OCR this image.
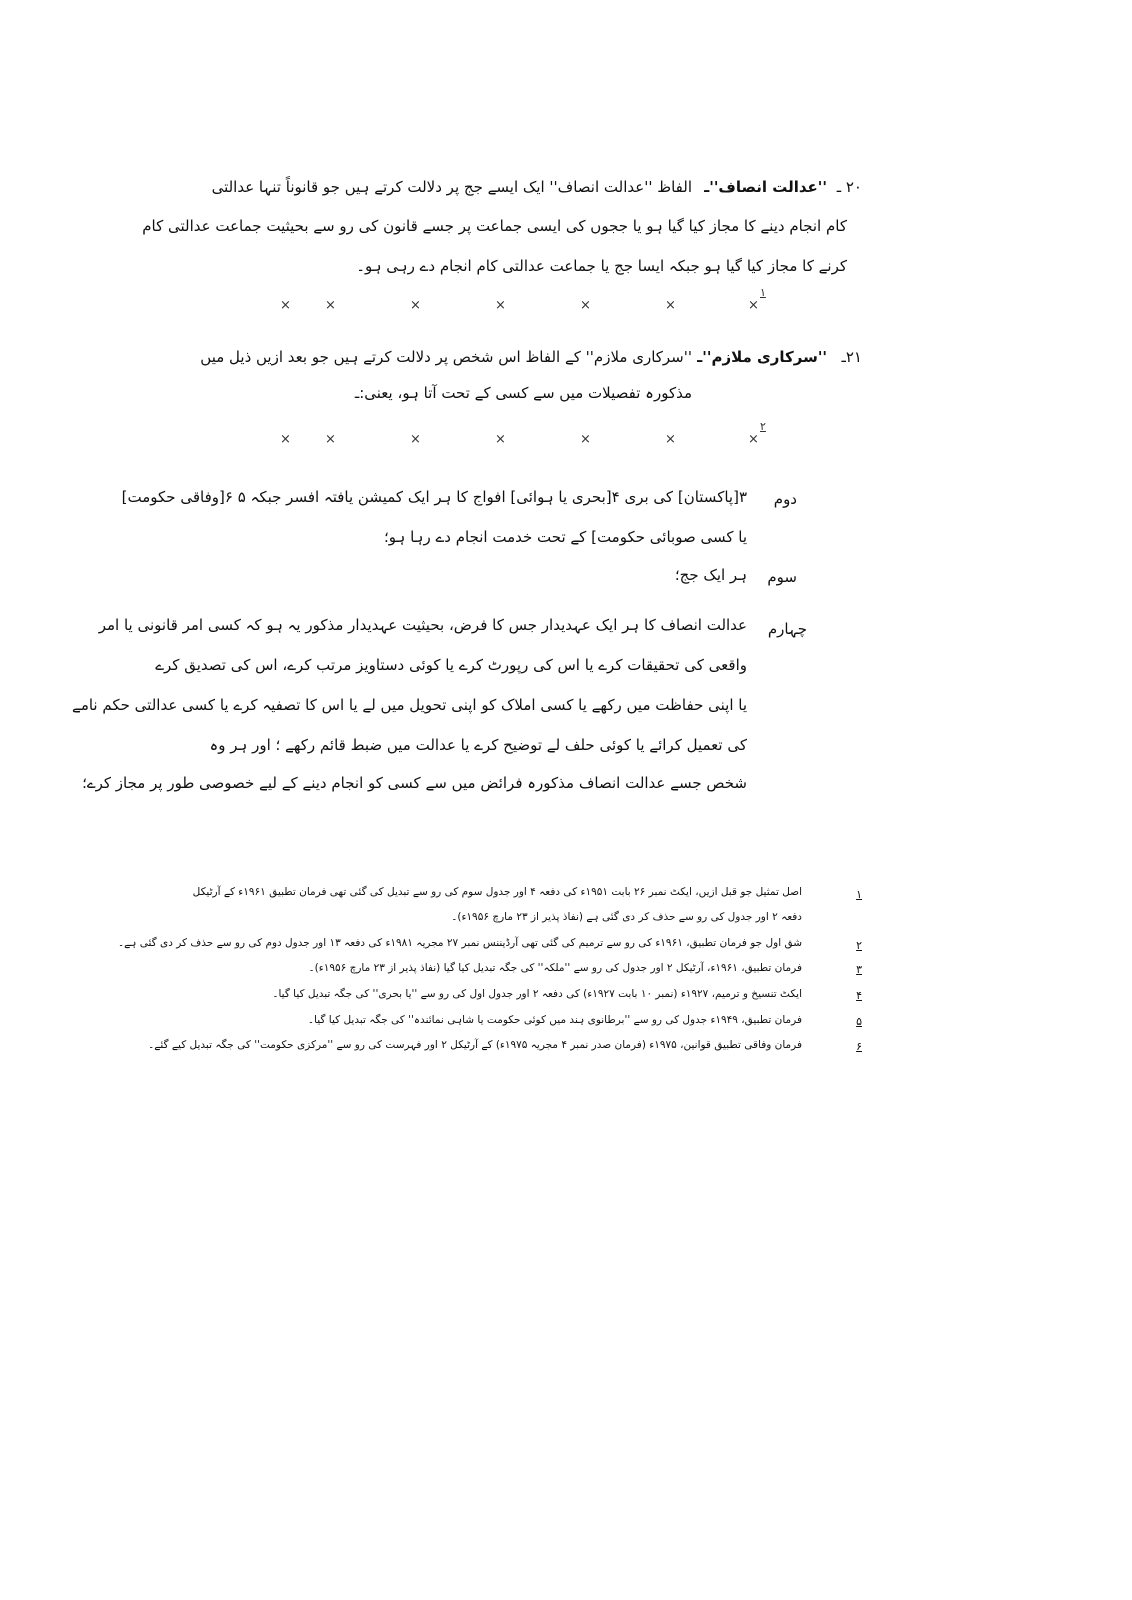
۲۰ ـ
''عدالت انصاف''ـ
الفاظ ''عدالت انصاف'' ایک ایسے جج پر دلالت کرتے ہیں جو قانوناً تنہا عدالتی
کام انجام دینے کا مجاز کیا گیا ہو یا ججوں کی ایسی جماعت پر جسے قانون کی رو سے بحیثیت جماعت عدالتی کام
کرنے کا مجاز کیا گیا ہو جبکہ ایسا جج یا جماعت عدالتی کام انجام دے رہی ہو۔
×	×	×	×	×	×	×
۱
۲۱ـ
''سرکاری ملازم''ـ
''سرکاری ملازم'' کے الفاظ اس شخص پر دلالت کرتے ہیں جو بعد ازیں ذیل میں
مذکورہ تفصیلات میں سے کسی کے تحت آتا ہو، یعنی:ـ
×	×	×	×	×	×	×
۲
دوم
۳[پاکستان] کی بری ۴[بحری یا ہوائی] افواج کا ہر ایک کمیشن یافتہ افسر جبکہ ۵ ۶[وفاقی حکومت]
یا کسی صوبائی حکومت] کے تحت خدمت انجام دے رہا ہو؛
سوم
ہر ایک جج؛
چہارم
عدالت انصاف کا ہر ایک عہدیدار جس کا فرض، بحیثیت عہدیدار مذکور یہ ہو کہ کسی امر قانونی یا امر
واقعی کی تحقیقات کرے یا اس کی رپورٹ کرے یا کوئی دستاویز مرتب کرے، اس کی تصدیق کرے
یا اپنی حفاظت میں رکھے یا کسی املاک کو اپنی تحویل میں لے یا اس کا تصفیہ کرے یا کسی عدالتی حکم نامے
کی تعمیل کرائے یا کوئی حلف لے توضیح کرے یا عدالت میں ضبط قائم رکھے ؛ اور ہر وہ
شخص جسے عدالت انصاف مذکورہ فرائض میں سے کسی کو انجام دینے کے لیے خصوصی طور پر مجاز کرے؛
۱
اصل تمثیل جو قبل ازیں، ایکٹ نمبر ۲۶ بابت ۱۹۵۱ء کی دفعہ ۴ اور جدول سوم کی رو سے تبدیل کی گئی تھی فرمان تطبیق ۱۹۶۱ء کے آرٹیکل
دفعہ ۲ اور جدول کی رو سے حذف کر دی گئی ہے (نفاذ پذیر از ۲۳ مارچ ۱۹۵۶ء)۔
۲
شق اول جو فرمان تطبیق، ۱۹۶۱ء کی رو سے ترمیم کی گئی تھی آرڈیننس نمبر ۲۷ مجریہ ۱۹۸۱ء کی دفعہ ۱۳ اور جدول دوم کی رو سے حذف کر دی گئی ہے۔
۳
فرمان تطبیق، ۱۹۶۱ء، آرٹیکل ۲ اور جدول کی رو سے ''ملکہ'' کی جگہ تبدیل کیا گیا (نفاذ پذیر از ۲۳ مارچ ۱۹۵۶ء)۔
۴
ایکٹ تنسیخ و ترمیم، ۱۹۲۷ء (نمبر ۱۰ بابت ۱۹۲۷ء) کی دفعہ ۲ اور جدول اول کی رو سے ''یا بحری'' کی جگہ تبدیل کیا گیا۔
۵
فرمان تطبیق، ۱۹۴۹ء جدول کی رو سے ''برطانوی ہند میں کوئی حکومت یا شاہی نمائندہ'' کی جگہ تبدیل کیا گیا۔
۶
فرمان وفاقی تطبیق قوانین، ۱۹۷۵ء (فرمان صدر نمبر ۴ مجریہ ۱۹۷۵ء) کے آرٹیکل ۲ اور فہرست کی رو سے ''مرکزی حکومت'' کی جگہ تبدیل کیے گئے۔
